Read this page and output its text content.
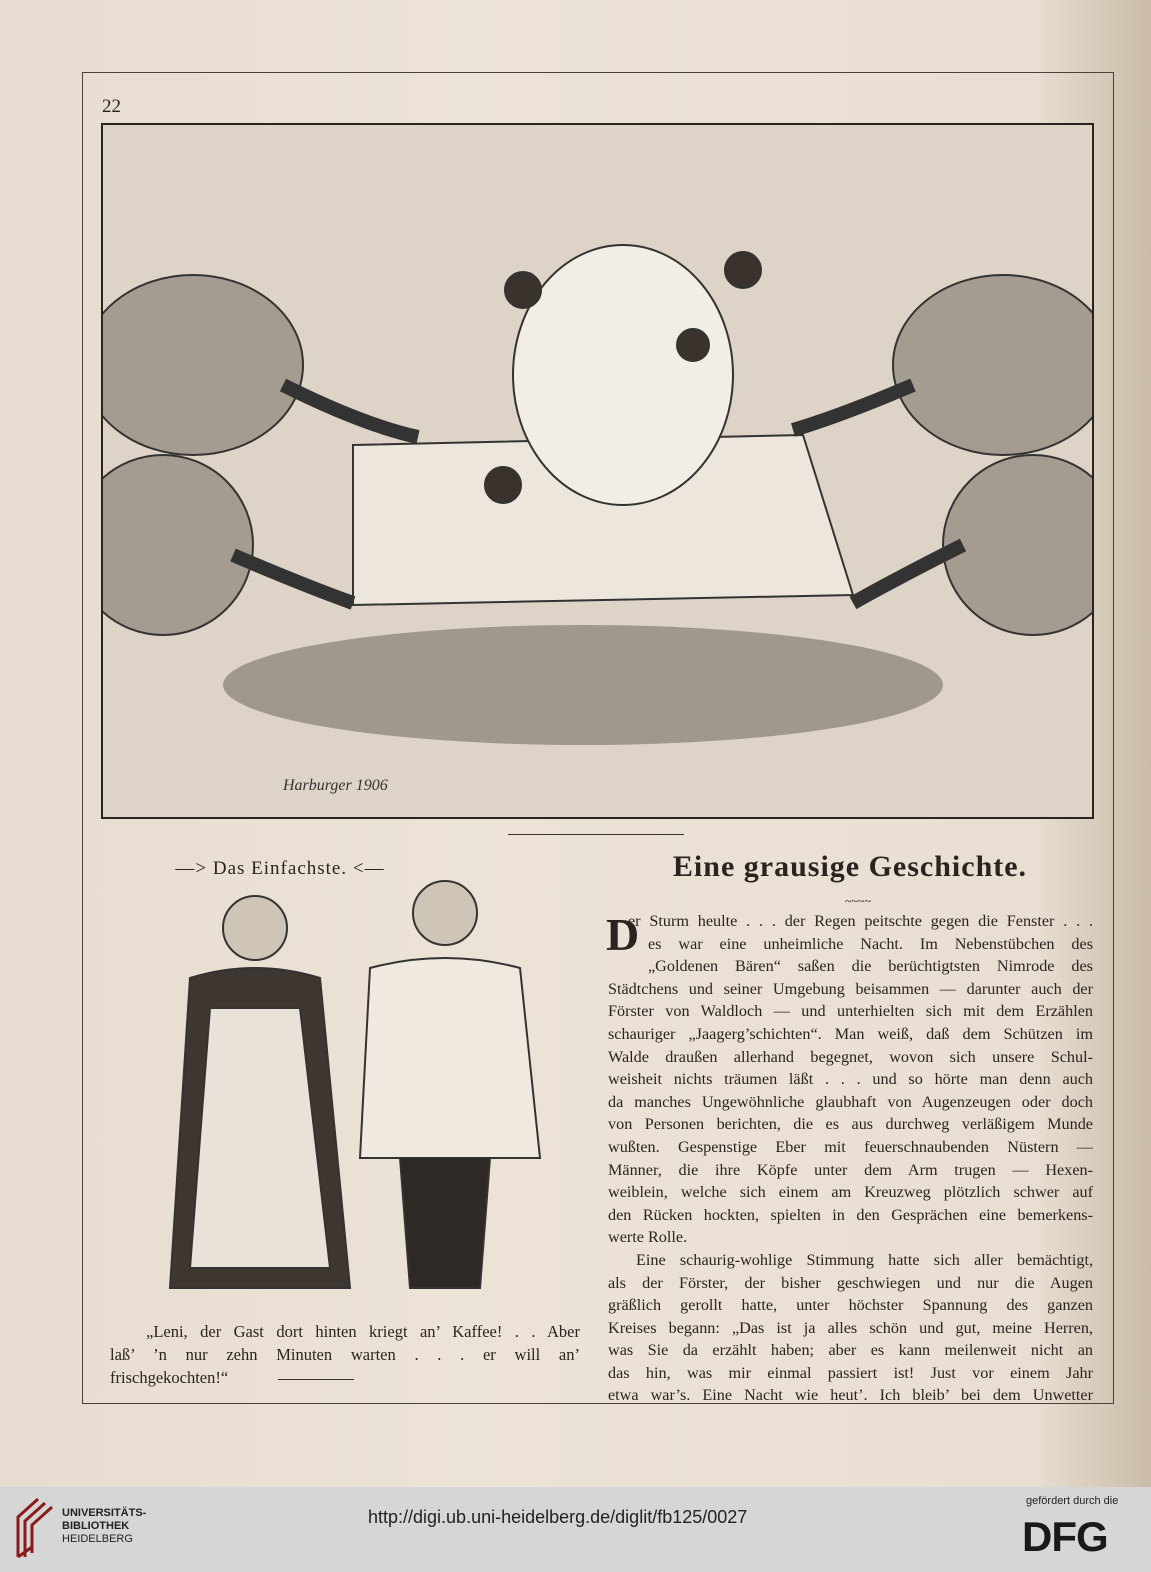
22
Harburger 1906
—> Das Einfachste. <—	Eine grausige Geschichte.
~~~~
„Leni, der Gast dort hinten kriegt an’ Kaffee! . . Aber
laß’ ’n nur zehn Minuten warten . . . er will an’
frischgekochten!“
D
er Sturm heulte . . . der Regen peitschte gegen die Fenster . . .
es war eine unheimliche Nacht. Im Nebenstübchen des
„Goldenen Bären“ saßen die berüchtigtsten Nimrode des
Städtchens und seiner Umgebung beisammen — darunter auch der
Förster von Waldloch — und unterhielten sich mit dem Erzählen
schauriger „Jaagerg’schichten“. Man weiß, daß dem Schützen im
Walde draußen allerhand begegnet, wovon sich unsere Schul-
weisheit nichts träumen läßt . . . und so hörte man denn auch
da manches Ungewöhnliche glaubhaft von Augenzeugen oder doch
von Personen berichten, die es aus durchweg verläßigem Munde
wußten. Gespenstige Eber mit feuerschnaubenden Nüstern —
Männer, die ihre Köpfe unter dem Arm trugen — Hexen-
weiblein, welche sich einem am Kreuzweg plötzlich schwer auf
den Rücken hockten, spielten in den Gesprächen eine bemerkens-
werte Rolle.
Eine schaurig-wohlige Stimmung hatte sich aller bemächtigt,
als der Förster, der bisher geschwiegen und nur die Augen
gräßlich gerollt hatte, unter höchster Spannung des ganzen
Kreises begann: „Das ist ja alles schön und gut, meine Herren,
was Sie da erzählt haben; aber es kann meilenweit nicht an
das hin, was mir einmal passiert ist! Just vor einem Jahr
etwa war’s. Eine Nacht wie heut’. Ich bleib’ bei dem Unwetter
UNIVERSITÄTS-
BIBLIOTHEK
HEIDELBERG
http://digi.ub.uni-heidelberg.de/diglit/fb125/0027
gefördert durch die
DFG
